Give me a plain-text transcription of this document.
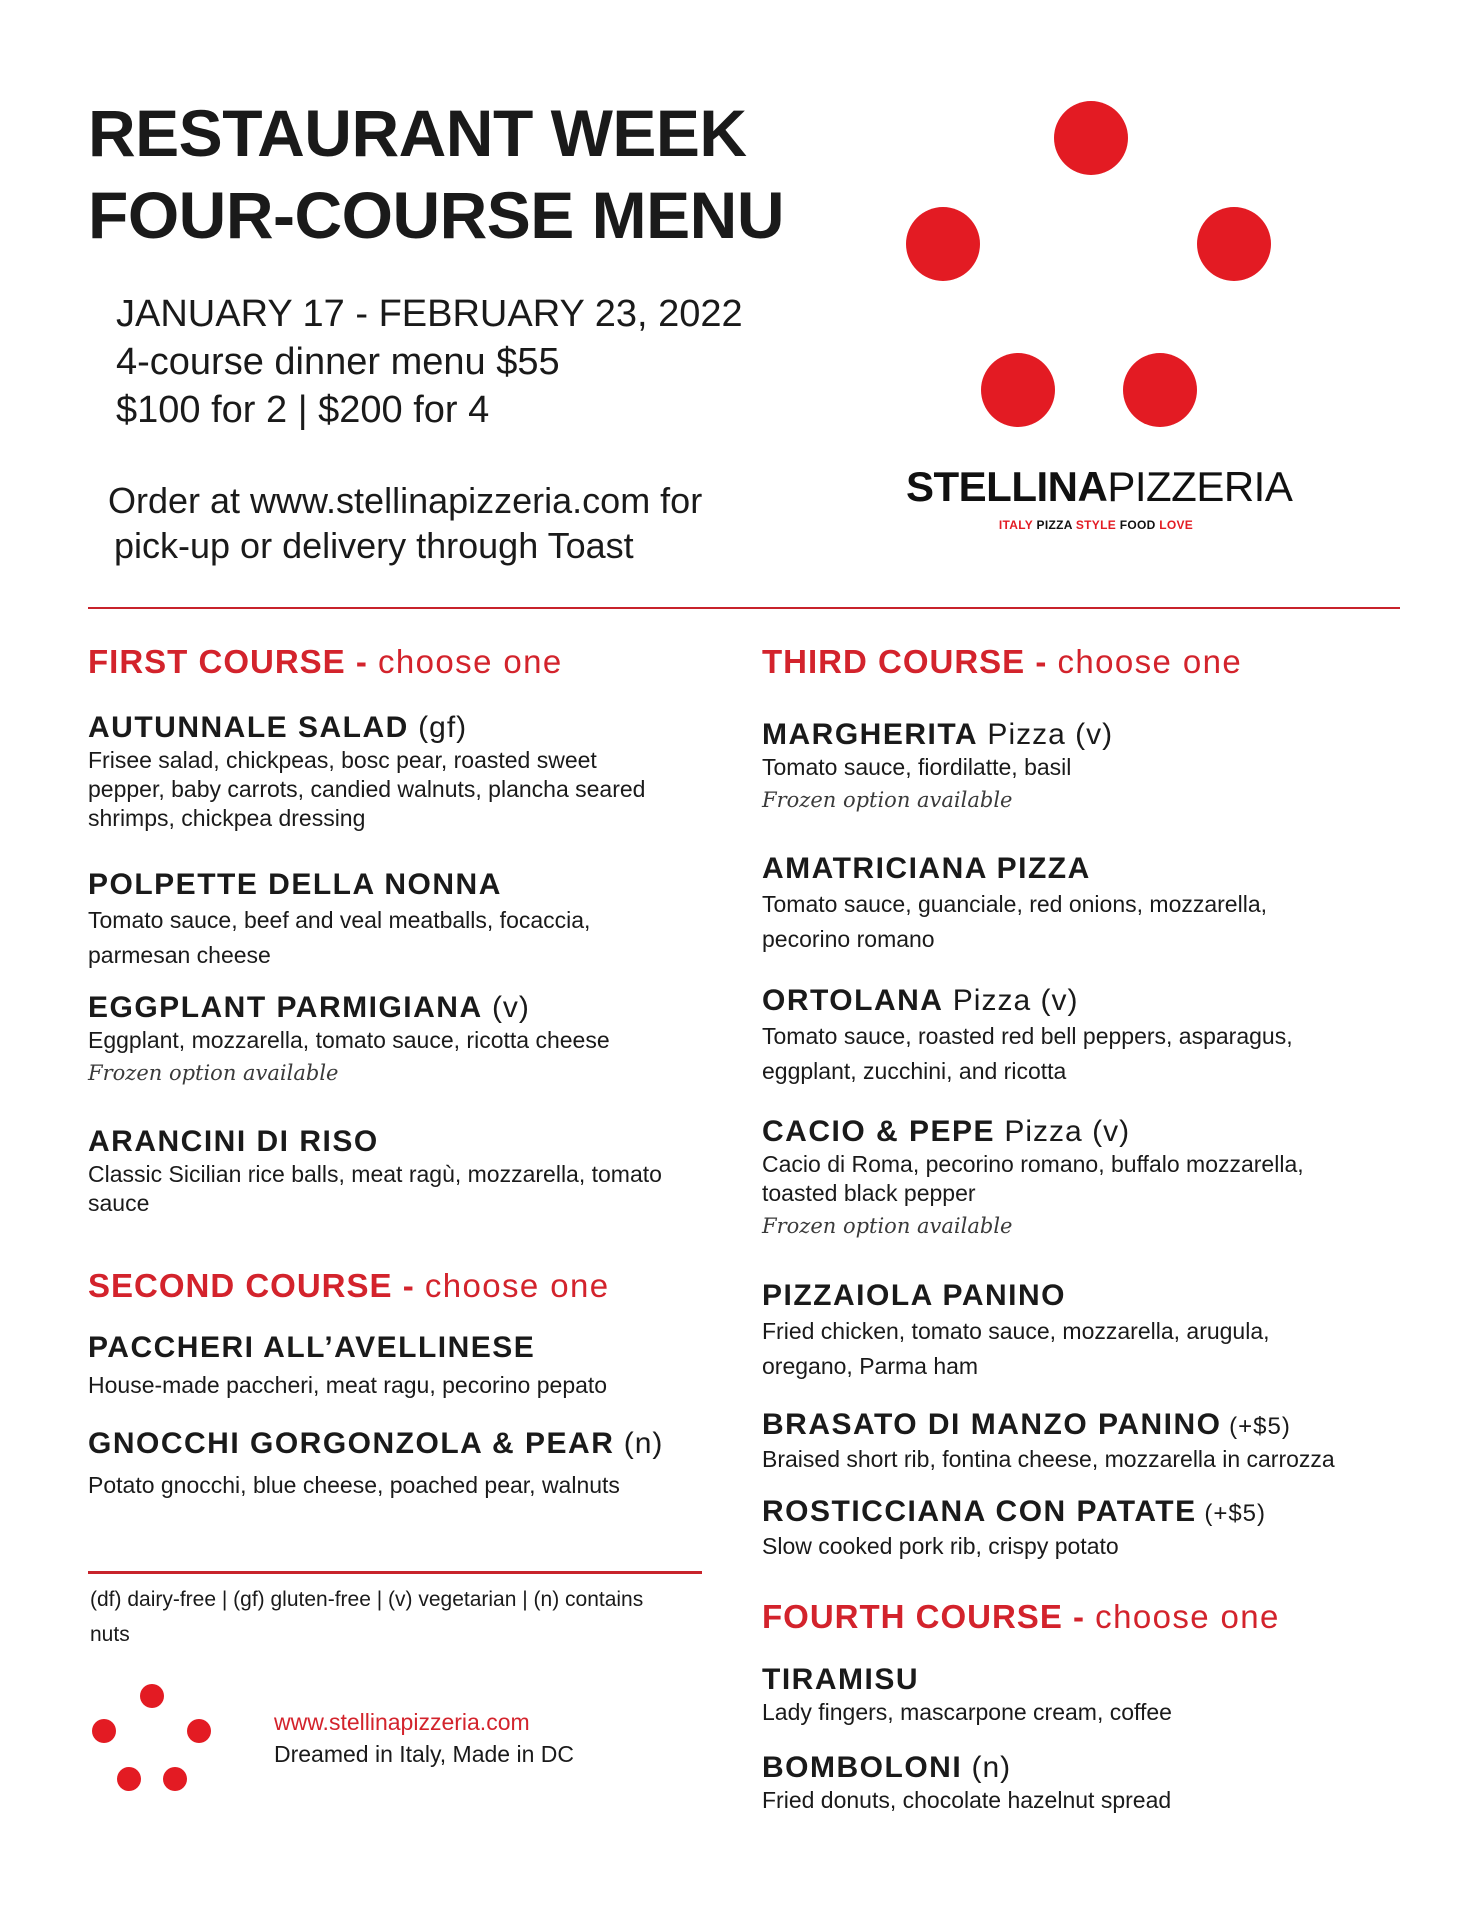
RESTAURANT WEEK
FOUR-COURSE MENU
JANUARY 17 - FEBRUARY 23, 2022
4-course dinner menu $55
$100 for 2 | $200 for 4
Order at www.stellinapizzeria.com for
pick-up or delivery through Toast
STELLINAPIZZERIA
ITALY PIZZA STYLE FOOD LOVE
FIRST COURSE - choose one
AUTUNNALE SALAD (gf)
Frisee salad, chickpeas, bosc pear, roasted sweet
pepper, baby carrots, candied walnuts, plancha seared
shrimps, chickpea dressing
POLPETTE DELLA NONNA
Tomato sauce, beef and veal meatballs, focaccia,
parmesan cheese
EGGPLANT PARMIGIANA (v)
Eggplant, mozzarella, tomato sauce, ricotta cheese
Frozen option available
ARANCINI DI RISO
Classic Sicilian rice balls, meat ragù, mozzarella, tomato
sauce
SECOND COURSE - choose one
PACCHERI ALL’AVELLINESE
House-made paccheri, meat ragu, pecorino pepato
GNOCCHI GORGONZOLA & PEAR (n)
Potato gnocchi, blue cheese, poached pear, walnuts
(df) dairy-free | (gf) gluten-free | (v) vegetarian | (n) contains
nuts
www.stellinapizzeria.com
Dreamed in Italy, Made in DC
THIRD COURSE - choose one
MARGHERITA Pizza (v)
Tomato sauce, fiordilatte, basil
Frozen option available
AMATRICIANA PIZZA
Tomato sauce, guanciale, red onions, mozzarella,
pecorino romano
ORTOLANA Pizza (v)
Tomato sauce, roasted red bell peppers, asparagus,
eggplant, zucchini, and ricotta
CACIO & PEPE Pizza (v)
Cacio di Roma, pecorino romano, buffalo mozzarella,
toasted black pepper
Frozen option available
PIZZAIOLA PANINO
Fried chicken, tomato sauce, mozzarella, arugula,
oregano, Parma ham
BRASATO DI MANZO PANINO (+$5)
Braised short rib, fontina cheese, mozzarella in carrozza
ROSTICCIANA CON PATATE (+$5)
Slow cooked pork rib, crispy potato
FOURTH COURSE - choose one
TIRAMISU
Lady fingers, mascarpone cream, coffee
BOMBOLONI (n)
Fried donuts, chocolate hazelnut spread
